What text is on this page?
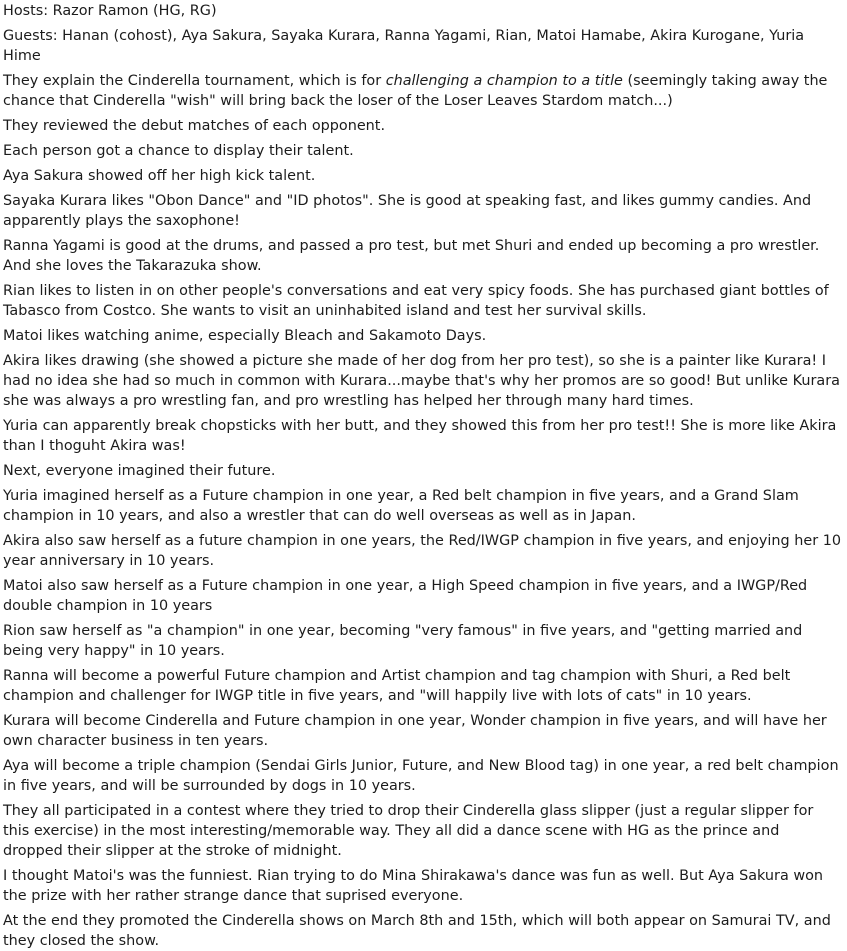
Hosts: Razor Ramon (HG, RG)

Guests: Hanan (cohost), Aya Sakura, Sayaka Kurara, Ranna Yagami, Rian, Matoi Hamabe, Akira Kurogane, Yuria Hime

They explain the Cinderella tournament, which is for challenging a champion to a title (seemingly taking away the chance that Cinderella "wish" will bring back the loser of the Loser Leaves Stardom match...)

They reviewed the debut matches of each opponent.

Each person got a chance to display their talent.

Aya Sakura showed off her high kick talent.

Sayaka Kurara likes "Obon Dance" and "ID photos". She is good at speaking fast, and likes gummy candies. And apparently plays the saxophone!

Ranna Yagami is good at the drums, and passed a pro test, but met Shuri and ended up becoming a pro wrestler. And she loves the Takarazuka show.

Rian likes to listen in on other people's conversations and eat very spicy foods. She has purchased giant bottles of Tabasco from Costco. She wants to visit an uninhabited island and test her survival skills.

Matoi likes watching anime, especially Bleach and Sakamoto Days.

Akira likes drawing (she showed a picture she made of her dog from her pro test), so she is a painter like Kurara! I had no idea she had so much in common with Kurara...maybe that's why her promos are so good! But unlike Kurara she was always a pro wrestling fan, and pro wrestling has helped her through many hard times.

Yuria can apparently break chopsticks with her butt, and they showed this from her pro test!! She is more like Akira than I thoguht Akira was!

Next, everyone imagined their future.

Yuria imagined herself as a Future champion in one year, a Red belt champion in five years, and a Grand Slam champion in 10 years, and also a wrestler that can do well overseas as well as in Japan.

Akira also saw herself as a future champion in one years, the Red/IWGP champion in five years, and enjoying her 10 year anniversary in 10 years.

Matoi also saw herself as a Future champion in one year, a High Speed champion in five years, and a IWGP/Red double champion in 10 years

Rion saw herself as "a champion" in one year, becoming "very famous" in five years, and "getting married and being very happy" in 10 years.

Ranna will become a powerful Future champion and Artist champion and tag champion with Shuri, a Red belt champion and challenger for IWGP title in five years, and "will happily live with lots of cats" in 10 years.

Kurara will become Cinderella and Future champion in one year, Wonder champion in five years, and will have her own character business in ten years.

Aya will become a triple champion (Sendai Girls Junior, Future, and New Blood tag) in one year, a red belt champion in five years, and will be surrounded by dogs in 10 years.

They all participated in a contest where they tried to drop their Cinderella glass slipper (just a regular slipper for this exercise) in the most interesting/memorable way. They all did a dance scene with HG as the prince and dropped their slipper at the stroke of midnight.

I thought Matoi's was the funniest. Rian trying to do Mina Shirakawa's dance was fun as well. But Aya Sakura won the prize with her rather strange dance that suprised everyone.

At the end they promoted the Cinderella shows on March 8th and 15th, which will both appear on Samurai TV, and they closed the show.
